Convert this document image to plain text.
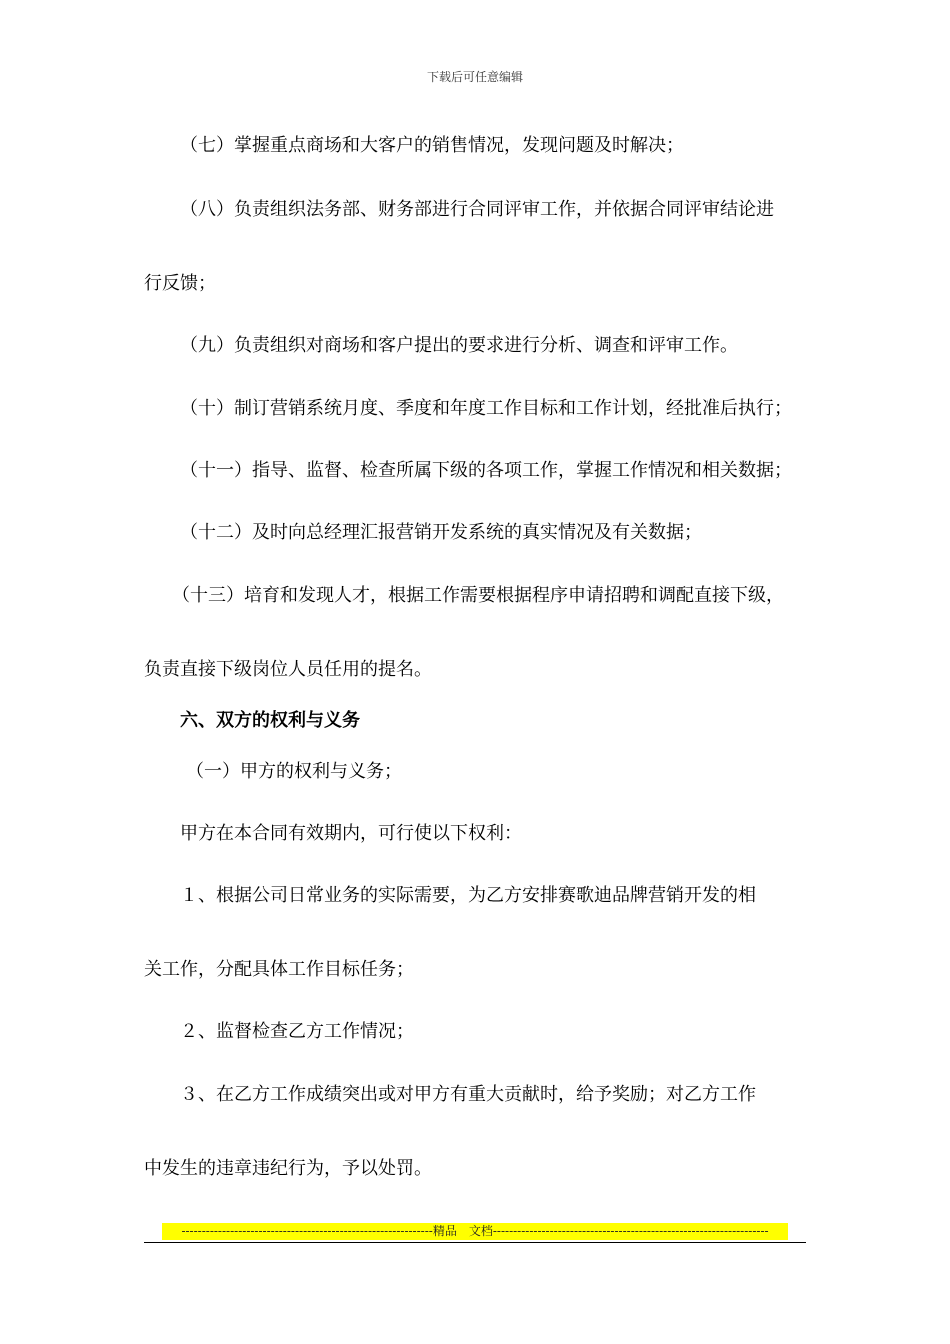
下载后可任意编辑
（七）掌握重点商场和大客户的销售情况，发现问题及时解决；
（八）负责组织法务部、财务部进行合同评审工作，并依据合同评审结论进
行反馈；
（九）负责组织对商场和客户提出的要求进行分析、调查和评审工作。
（十）制订营销系统月度、季度和年度工作目标和工作计划，经批准后执行；
（十一）指导、监督、检查所属下级的各项工作，掌握工作情况和相关数据；
（十二）及时向总经理汇报营销开发系统的真实情况及有关数据；
（十三）培育和发现人才，根据工作需要根据程序申请招聘和调配直接下级，
负责直接下级岗位人员任用的提名。
六、双方的权利与义务
（一）甲方的权利与义务；
甲方在本合同有效期内，可行使以下权利：
１、根据公司日常业务的实际需要，为乙方安排赛歌迪品牌营销开发的相
关工作，分配具体工作目标任务；
２、监督检查乙方工作情况；
３、在乙方工作成绩突出或对甲方有重大贡献时，给予奖励；对乙方工作
中发生的违章违纪行为，予以处罚。
--------------------------------------------------------------精品　文档--------------------------------------------------------------------
